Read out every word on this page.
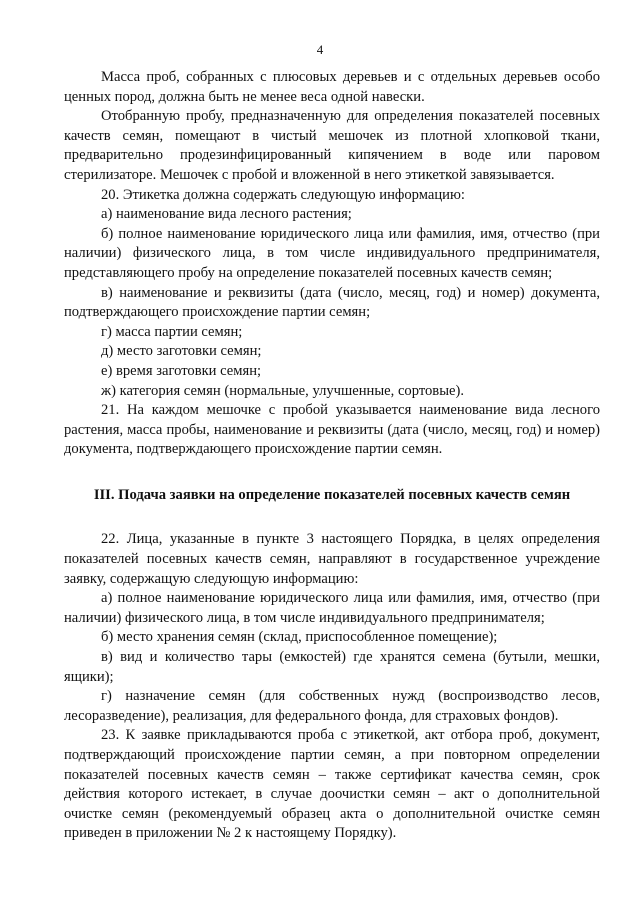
4

Масса проб, собранных с плюсовых деревьев и с отдельных деревьев особо ценных пород, должна быть не менее веса одной навески.

Отобранную пробу, предназначенную для определения показателей посевных качеств семян, помещают в чистый мешочек из плотной хлопковой ткани, предварительно продезинфицированный кипячением в воде или паровом стерилизаторе. Мешочек с пробой и вложенной в него этикеткой завязывается.

20. Этикетка должна содержать следующую информацию:

а) наименование вида лесного растения;

б) полное наименование юридического лица или фамилия, имя, отчество (при наличии) физического лица, в том числе индивидуального предпринимателя, представляющего пробу на определение показателей посевных качеств семян;

в) наименование и реквизиты (дата (число, месяц, год) и номер) документа, подтверждающего происхождение партии семян;

г) масса партии семян;

д) место заготовки семян;

е) время заготовки семян;

ж) категория семян (нормальные, улучшенные, сортовые).

21. На каждом мешочке с пробой указывается наименование вида лесного растения, масса пробы, наименование и реквизиты (дата (число, месяц, год) и номер) документа, подтверждающего происхождение партии семян.

III. Подача заявки на определение показателей посевных качеств семян

22. Лица, указанные в пункте 3 настоящего Порядка, в целях определения показателей посевных качеств семян, направляют в государственное учреждение заявку, содержащую следующую информацию:

а) полное наименование юридического лица или фамилия, имя, отчество (при наличии) физического лица, в том числе индивидуального предпринимателя;

б) место хранения семян (склад, приспособленное помещение);

в) вид и количество тары (емкостей) где хранятся семена (бутыли, мешки, ящики);

г) назначение семян (для собственных нужд (воспроизводство лесов, лесоразведение), реализация, для федерального фонда, для страховых фондов).

23. К заявке прикладываются проба с этикеткой, акт отбора проб, документ, подтверждающий происхождение партии семян, а при повторном определении показателей посевных качеств семян – также сертификат качества семян, срок действия которого истекает, в случае доочистки семян – акт о дополнительной очистке семян (рекомендуемый образец акта о дополнительной очистке семян приведен в приложении № 2 к настоящему Порядку).
